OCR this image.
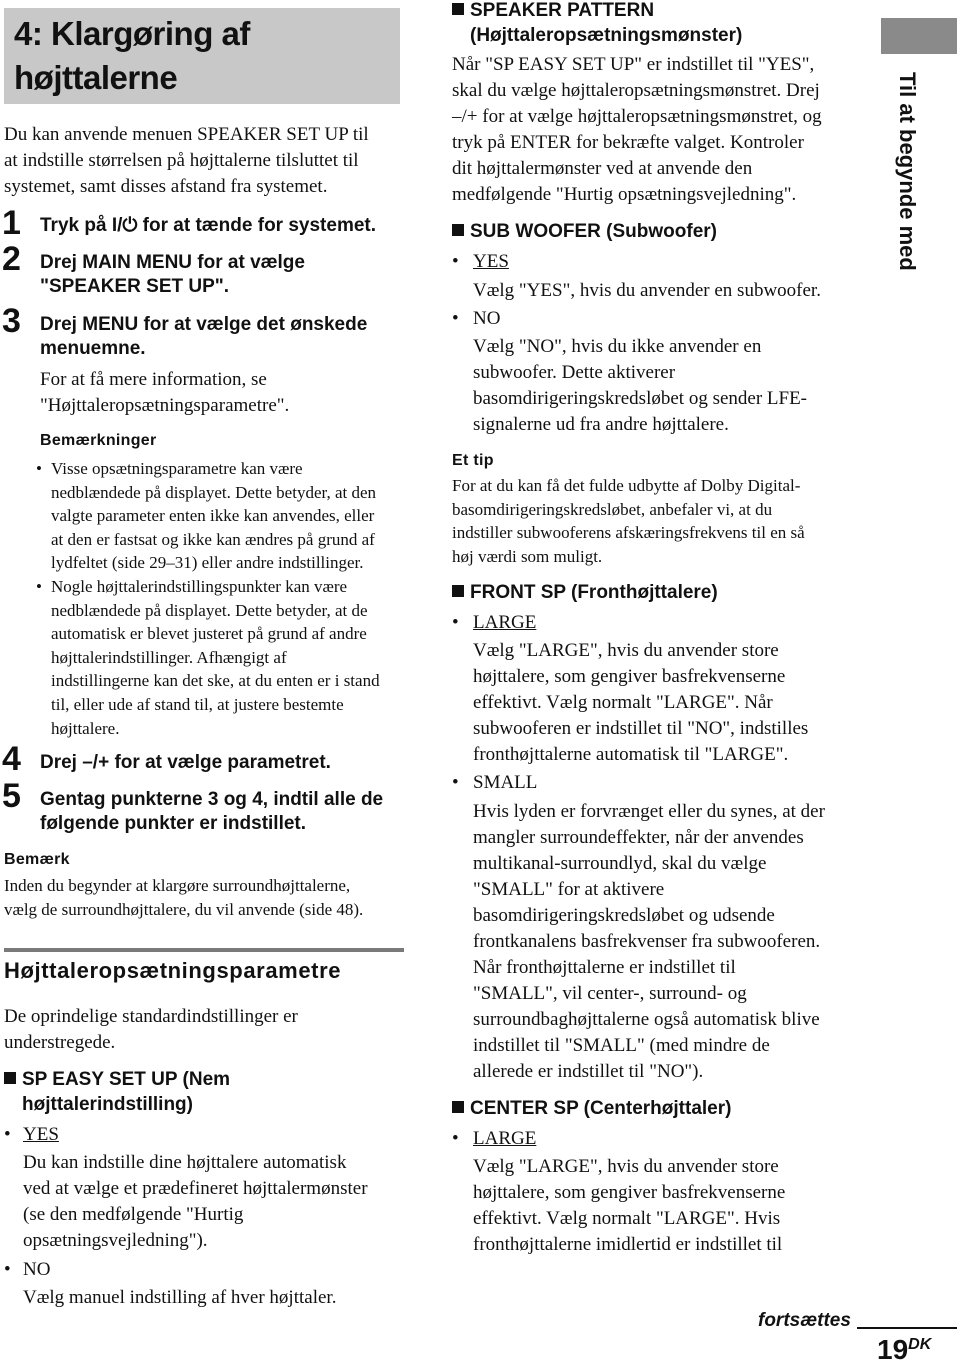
4: Klargøring af
højttalerne
Du kan anvende menuen SPEAKER SET UP til
at indstille størrelsen på højttalerne tilsluttet til
systemet, samt disses afstand fra systemet.
1 Tryk på I/⏻ for at tænde for systemet.
2 Drej MAIN MENU for at vælge
"SPEAKER SET UP".
3 Drej MENU for at vælge det ønskede
menuemne.
For at få mere information, se
"Højttaleropsætningsparametre".
Bemærkninger
• Visse opsætningsparametre kan være
nedblændede på displayet. Dette betyder, at den
valgte parameter enten ikke kan anvendes, eller
at den er fastsat og ikke kan ændres på grund af
lydfeltet (side 29–31) eller andre indstillinger.
• Nogle højttalerindstillingspunkter kan være
nedblændede på displayet. Dette betyder, at de
automatisk er blevet justeret på grund af andre
højttalerindstillinger. Afhængigt af
indstillingerne kan det ske, at du enten er i stand
til, eller ude af stand til, at justere bestemte
højttalere.
4 Drej –/+ for at vælge parametret.
5 Gentag punkterne 3 og 4, indtil alle de
følgende punkter er indstillet.
Bemærk
Inden du begynder at klargøre surroundhøjttalerne,
vælg de surroundhøjttalere, du vil anvende (side 48).
Højttaleropsætningsparametre
De oprindelige standardindstillinger er
understregede.
SP EASY SET UP (Nem
højttalerindstilling)
• YES
Du kan indstille dine højttalere automatisk
ved at vælge et prædefineret højttalermønster
(se den medfølgende "Hurtig
opsætningsvejledning").
• NO
Vælg manuel indstilling af hver højttaler.
SPEAKER PATTERN
(Højttaleropsætningsmønster)
Når "SP EASY SET UP" er indstillet til "YES",
skal du vælge højttaleropsætningsmønstret. Drej
–/+ for at vælge højttaleropsætningsmønstret, og
tryk på ENTER for bekræfte valget. Kontroler
dit højttalermønster ved at anvende den
medfølgende "Hurtig opsætningsvejledning".
SUB WOOFER (Subwoofer)
• YES
Vælg "YES", hvis du anvender en subwoofer.
• NO
Vælg "NO", hvis du ikke anvender en
subwoofer. Dette aktiverer
basomdirigeringskredsløbet og sender LFE-
signalerne ud fra andre højttalere.
Et tip
For at du kan få det fulde udbytte af Dolby Digital-
basomdirigeringskredsløbet, anbefaler vi, at du
indstiller subwooferens afskæringsfrekvens til en så
høj værdi som muligt.
FRONT SP (Fronthøjttalere)
• LARGE
Vælg "LARGE", hvis du anvender store
højttalere, som gengiver basfrekvenserne
effektivt. Vælg normalt "LARGE". Når
subwooferen er indstillet til "NO", indstilles
fronthøjttalerne automatisk til "LARGE".
• SMALL
Hvis lyden er forvrænget eller du synes, at der
mangler surroundeffekter, når der anvendes
multikanal-surroundlyd, skal du vælge
"SMALL" for at aktivere
basomdirigeringskredsløbet og udsende
frontkanalens basfrekvenser fra subwooferen.
Når fronthøjttalerne er indstillet til
"SMALL", vil center-, surround- og
surroundbaghøjttalerne også automatisk blive
indstillet til "SMALL" (med mindre de
allerede er indstillet til "NO").
CENTER SP (Centerhøjttaler)
• LARGE
Vælg "LARGE", hvis du anvender store
højttalere, som gengiver basfrekvenserne
effektivt. Vælg normalt "LARGE". Hvis
fronthøjttalerne imidlertid er indstillet til
Til at begynde med
fortsættes
$19^{DK}$
